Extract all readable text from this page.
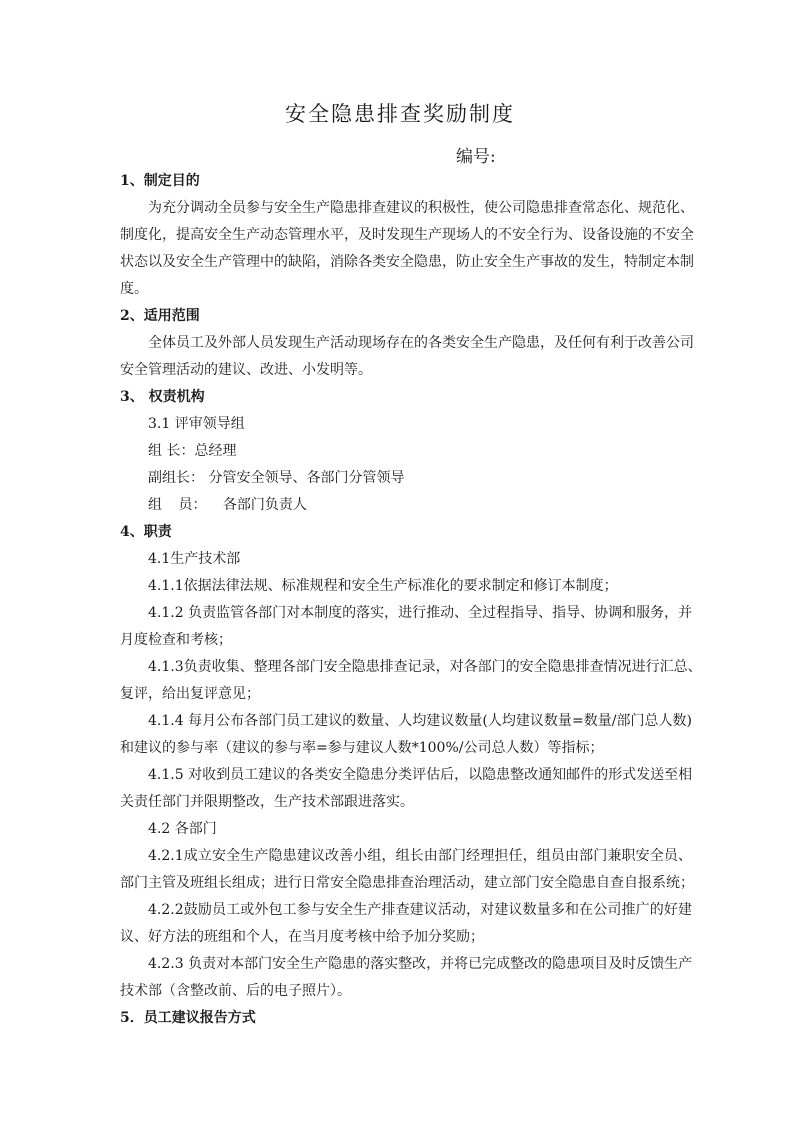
安全隐患排查奖励制度
编号:
1、制定目的
为充分调动全员参与安全生产隐患排查建议的积极性，使公司隐患排查常态化、规范化、
制度化，提高安全生产动态管理水平，及时发现生产现场人的不安全行为、设备设施的不安全
状态以及安全生产管理中的缺陷，消除各类安全隐患，防止安全生产事故的发生，特制定本制
度。
2、适用范围
全体员工及外部人员发现生产活动现场存在的各类安全生产隐患，及任何有利于改善公司
安全管理活动的建议、改进、小发明等。
3、 权责机构
3.1 评审领导组
组 长：总经理
副组长： 分管安全领导、各部门分管领导
组 员： 各部门负责人
4、职责
4.1生产技术部
4.1.1依据法律法规、标准规程和安全生产标准化的要求制定和修订本制度；
4.1.2 负责监管各部门对本制度的落实，进行推动、全过程指导、指导、协调和服务，并
月度检查和考核；
4.1.3负责收集、整理各部门安全隐患排查记录，对各部门的安全隐患排查情况进行汇总、
复评，给出复评意见；
4.1.4 每月公布各部门员工建议的数量、人均建议数量(人均建议数量=数量/部门总人数)
和建议的参与率（建议的参与率=参与建议人数*100%/公司总人数）等指标；
4.1.5 对收到员工建议的各类安全隐患分类评估后，以隐患整改通知邮件的形式发送至相
关责任部门并限期整改，生产技术部跟进落实。
4.2 各部门
4.2.1成立安全生产隐患建议改善小组，组长由部门经理担任，组员由部门兼职安全员、
部门主管及班组长组成；进行日常安全隐患排查治理活动，建立部门安全隐患自查自报系统；
4.2.2鼓励员工或外包工参与安全生产排查建议活动，对建议数量多和在公司推广的好建
议、好方法的班组和个人，在当月度考核中给予加分奖励；
4.2.3 负责对本部门安全生产隐患的落实整改，并将已完成整改的隐患项目及时反馈生产
技术部（含整改前、后的电子照片）。
5．员工建议报告方式
